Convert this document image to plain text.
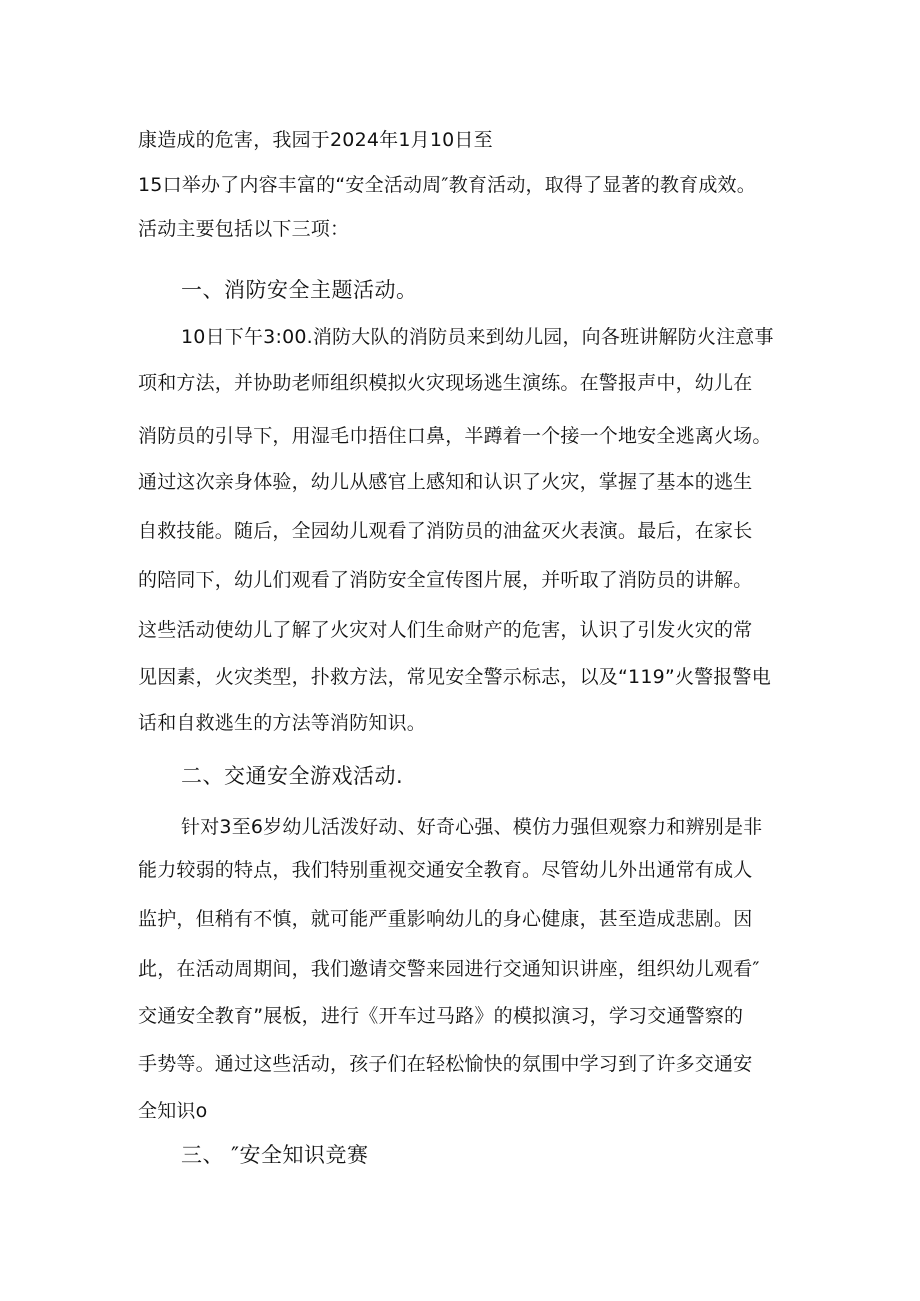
康造成的危害，我园于2024年1月10日至
15口举办了内容丰富的“安全活动周″教育活动，取得了显著的教育成效。
活动主要包括以下三项：
一、消防安全主题活动。
10日下午3:00.消防大队的消防员来到幼儿园，向各班讲解防火注意事
项和方法，并协助老师组织模拟火灾现场逃生演练。在警报声中，幼儿在
消防员的引导下，用湿毛巾捂住口鼻，半蹲着一个接一个地安全逃离火场。
通过这次亲身体验，幼儿从感官上感知和认识了火灾，掌握了基本的逃生
自救技能。随后，全园幼儿观看了消防员的油盆灭火表演。最后，在家长
的陪同下，幼儿们观看了消防安全宣传图片展，并听取了消防员的讲解。
这些活动使幼儿了解了火灾对人们生命财产的危害，认识了引发火灾的常
见因素，火灾类型，扑救方法，常见安全警示标志，以及“119”火警报警电
话和自救逃生的方法等消防知识。
二、交通安全游戏活动.
针对3至6岁幼儿活泼好动、好奇心强、模仿力强但观察力和辨别是非
能力较弱的特点，我们特别重视交通安全教育。尽管幼儿外出通常有成人
监护，但稍有不慎，就可能严重影响幼儿的身心健康，甚至造成悲剧。因
此，在活动周期间，我们邀请交警来园进行交通知识讲座，组织幼儿观看″
交通安全教育”展板，进行《开车过马路》的模拟演习，学习交通警察的
手势等。通过这些活动，孩子们在轻松愉快的氛围中学习到了许多交通安
全知识o
三、 ″安全知识竞赛
